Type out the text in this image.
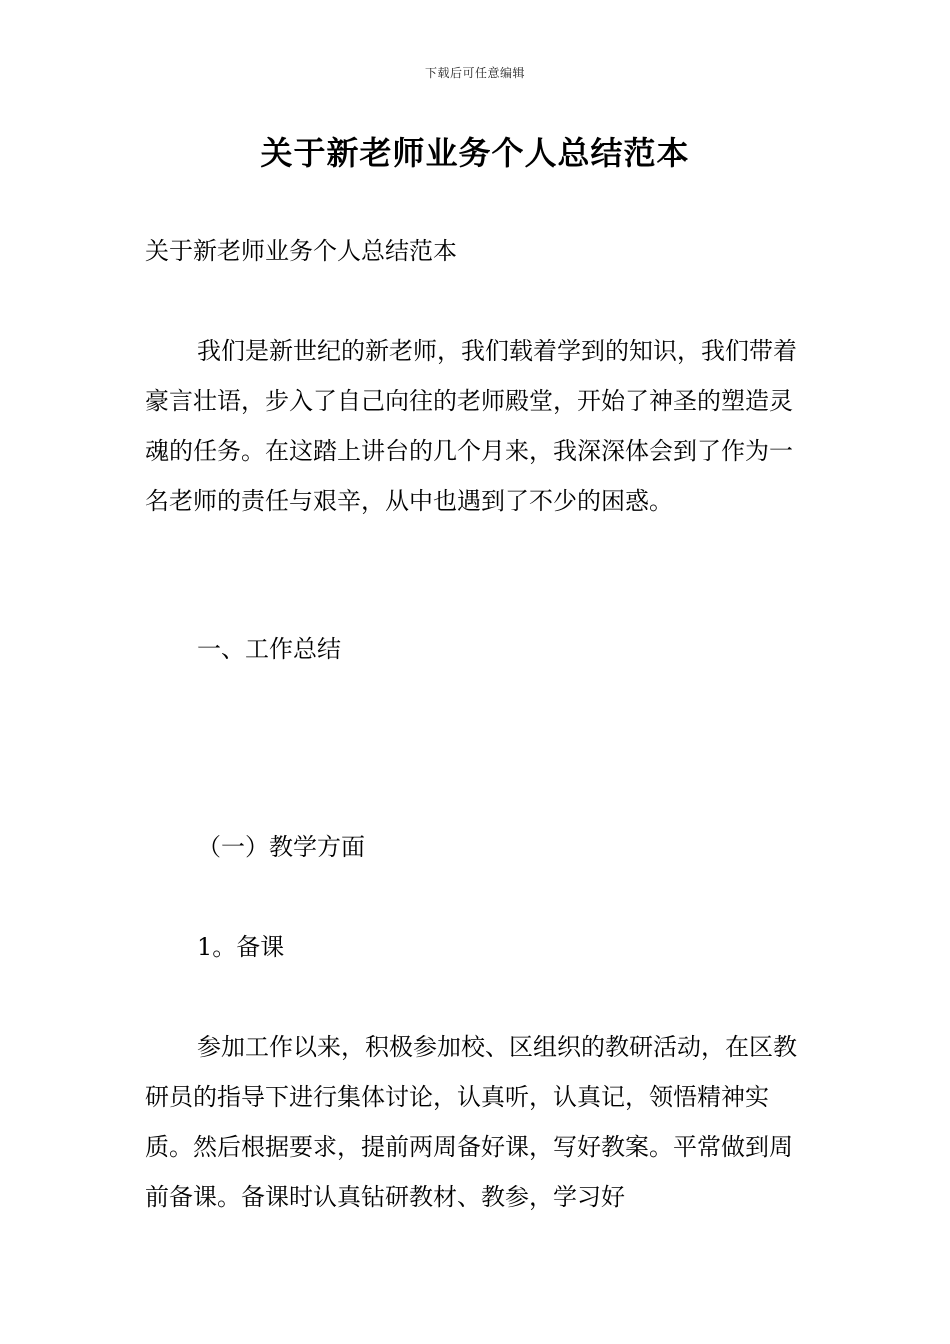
下载后可任意编辑
关于新老师业务个人总结范本

关于新老师业务个人总结范本

我们是新世纪的新老师，我们载着学到的知识，我们带着豪言壮语，步入了自己向往的老师殿堂，开始了神圣的塑造灵魂的任务。在这踏上讲台的几个月来，我深深体会到了作为一名老师的责任与艰辛，从中也遇到了不少的困惑。

一、工作总结

（一）教学方面

1。备课

参加工作以来，积极参加校、区组织的教研活动，在区教研员的指导下进行集体讨论，认真听，认真记，领悟精神实质。然后根据要求，提前两周备好课，写好教案。平常做到周前备课。备课时认真钻研教材、教参，学习好
